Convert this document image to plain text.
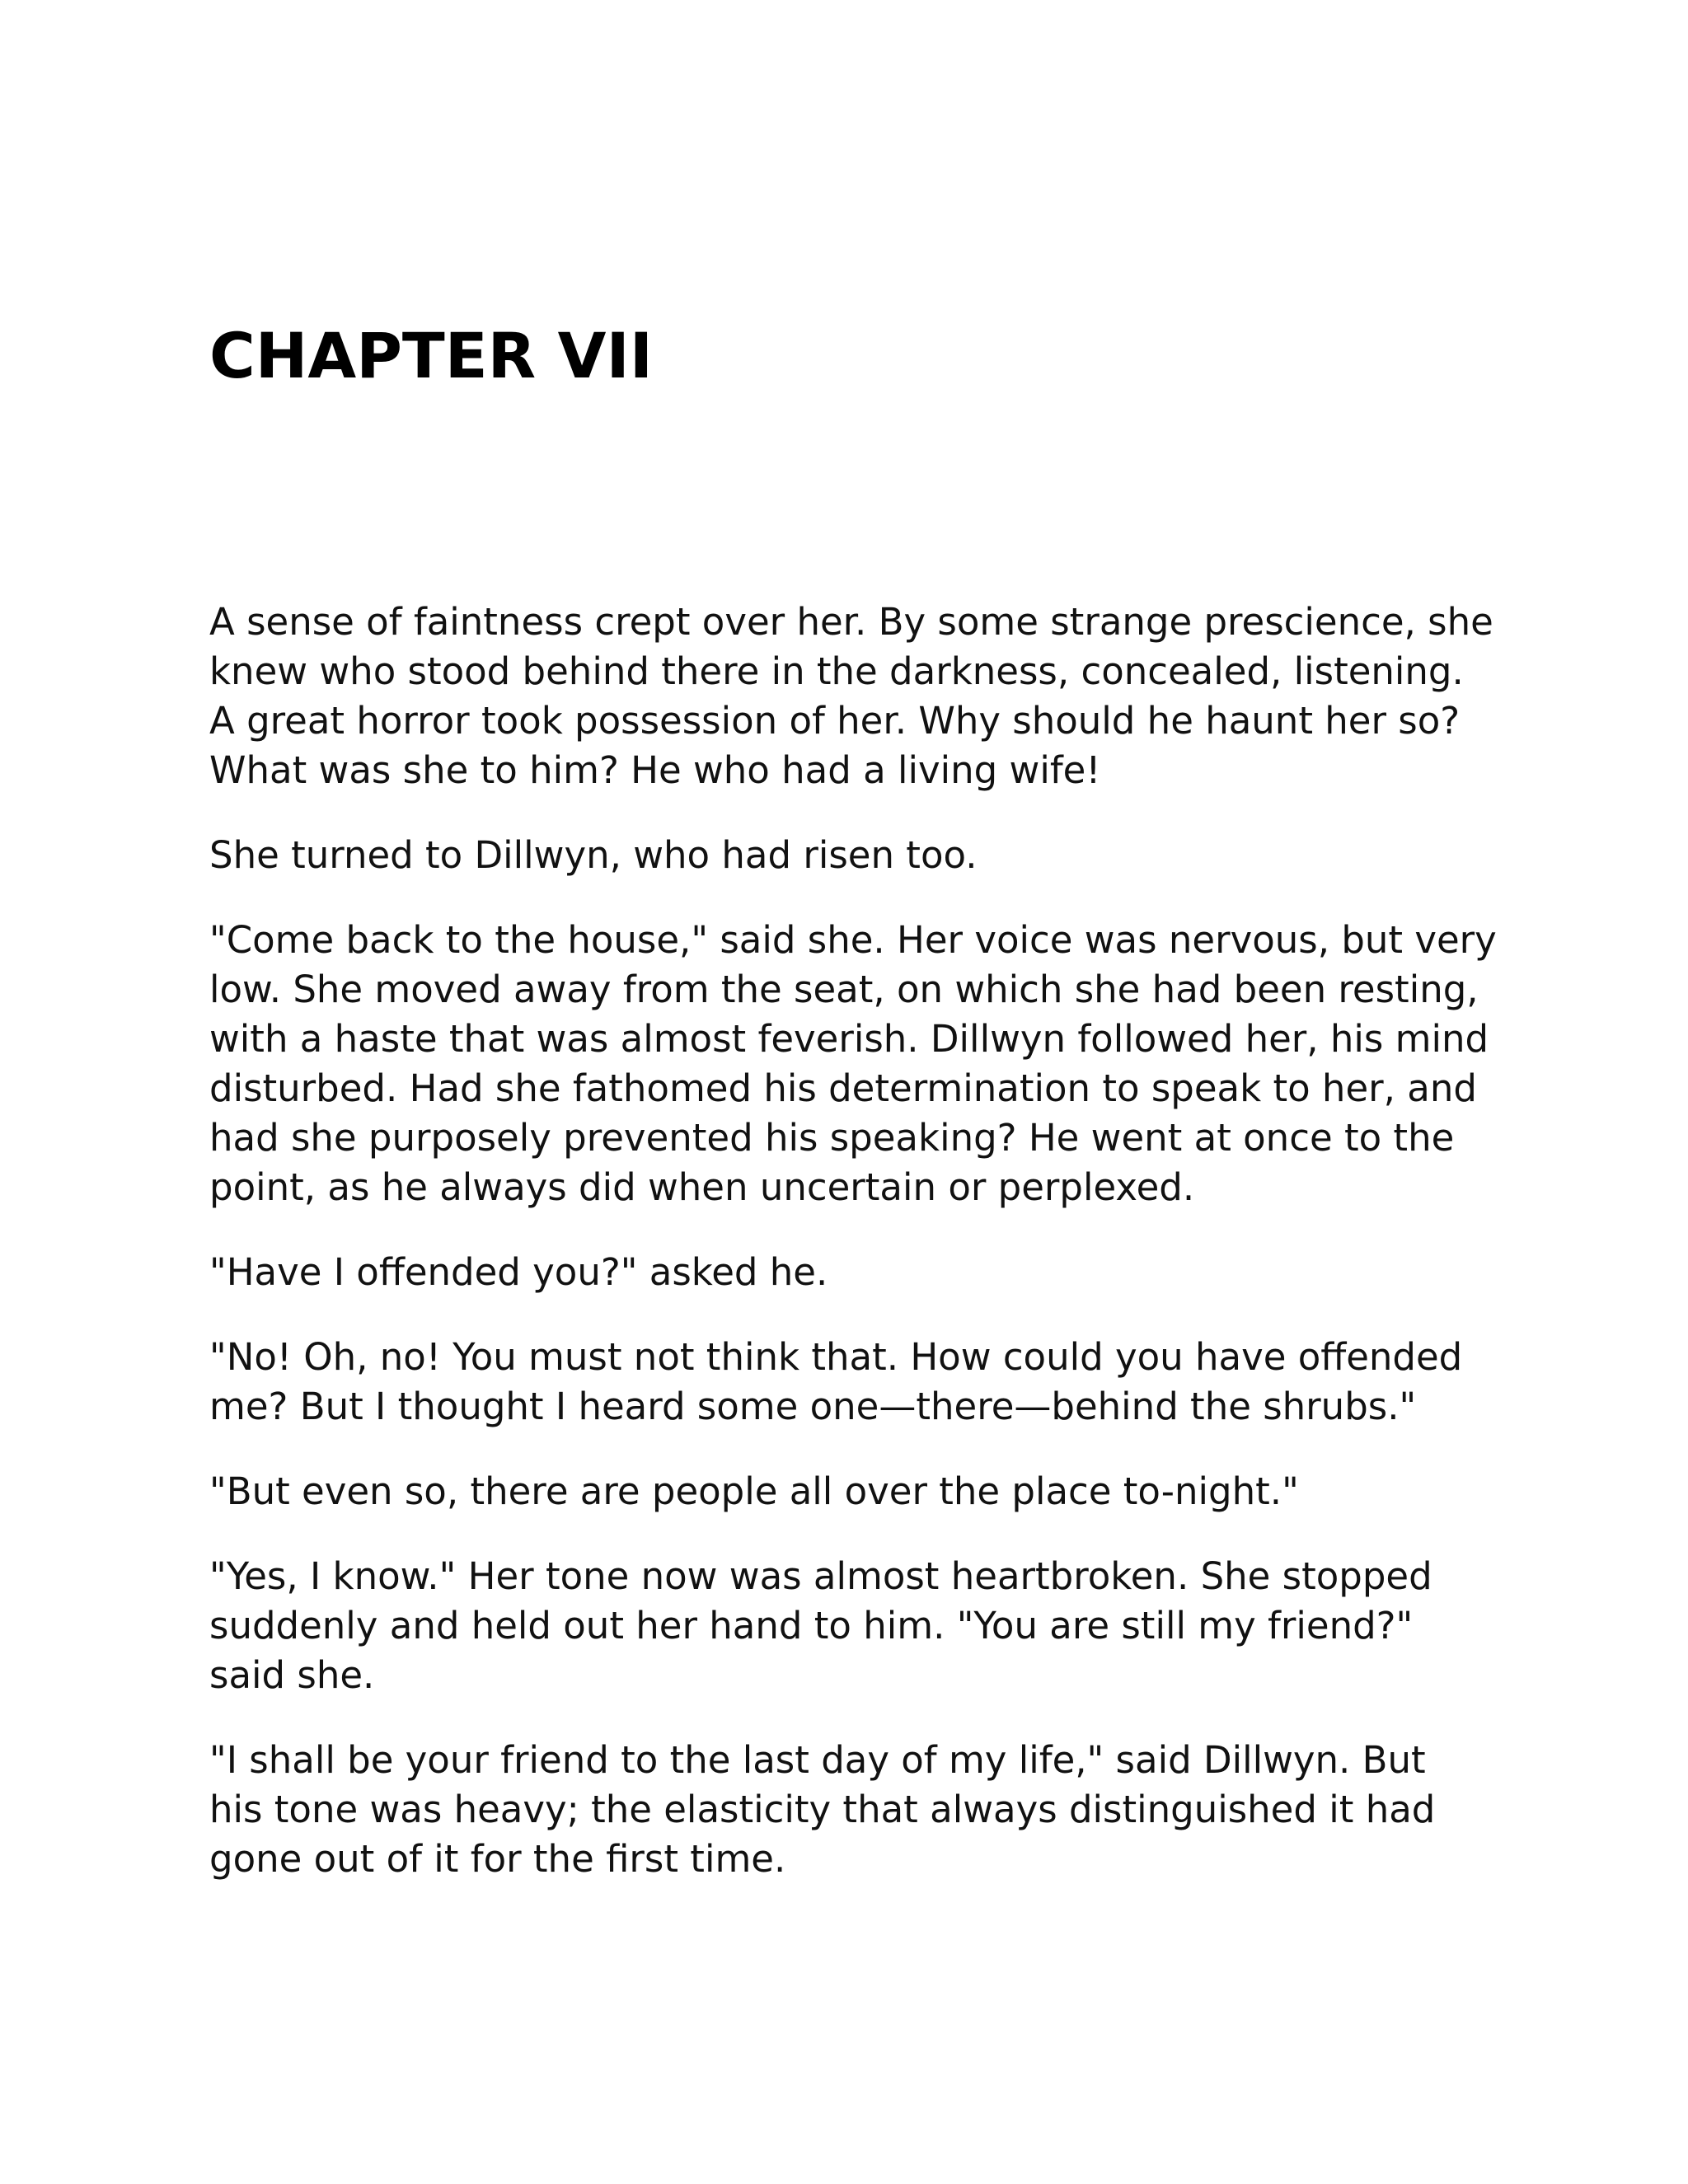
CHAPTER VII

A sense of faintness crept over her. By some strange prescience, she
knew who stood behind there in the darkness, concealed, listening.
A great horror took possession of her. Why should he haunt her so?
What was she to him? He who had a living wife!

She turned to Dillwyn, who had risen too.

"Come back to the house," said she. Her voice was nervous, but very
low. She moved away from the seat, on which she had been resting,
with a haste that was almost feverish. Dillwyn followed her, his mind
disturbed. Had she fathomed his determination to speak to her, and
had she purposely prevented his speaking? He went at once to the
point, as he always did when uncertain or perplexed.

"Have I offended you?" asked he.

"No! Oh, no! You must not think that. How could you have offended
me? But I thought I heard some one—there—behind the shrubs."

"But even so, there are people all over the place to-night."

"Yes, I know." Her tone now was almost heartbroken. She stopped
suddenly and held out her hand to him. "You are still my friend?"
said she.

"I shall be your friend to the last day of my life," said Dillwyn. But
his tone was heavy; the elasticity that always distinguished it had
gone out of it for the first time.
